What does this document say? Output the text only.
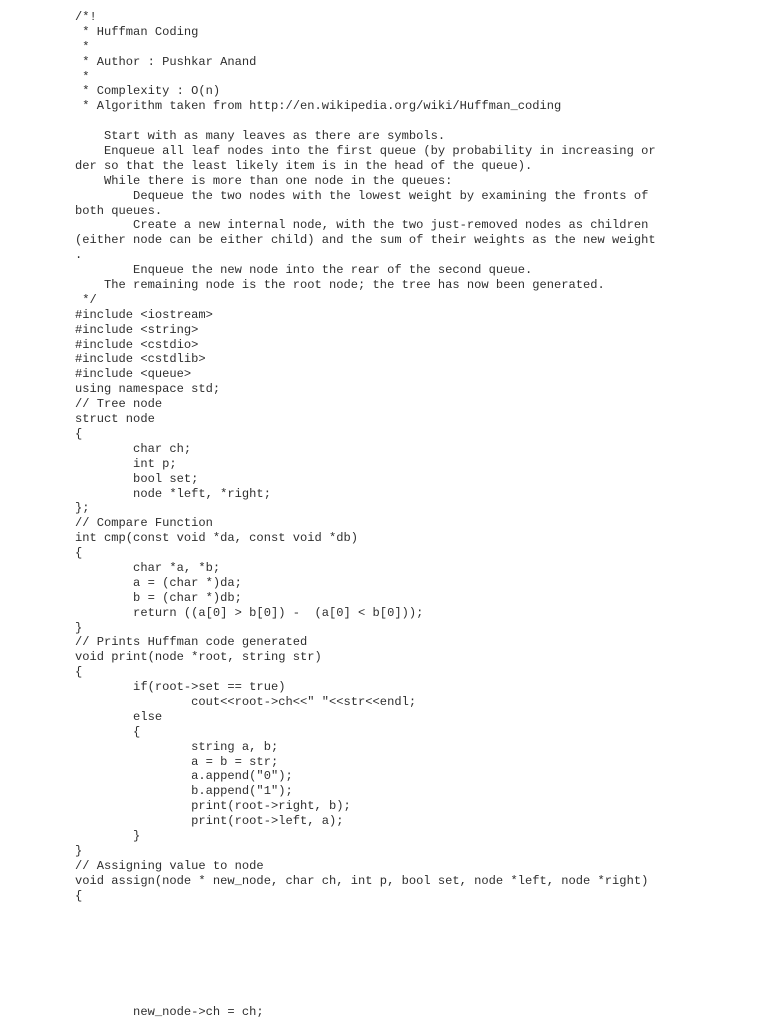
/*!
* Huffman Coding
*
* Author : Pushkar Anand
*
* Complexity : O(n)
* Algorithm taken from http://en.wikipedia.org/wiki/Huffman_coding
Start with as many leaves as there are symbols.
Enqueue all leaf nodes into the first queue (by probability in increasing or
der so that the least likely item is in the head of the queue).
While there is more than one node in the queues:
Dequeue the two nodes with the lowest weight by examining the fronts of
both queues.
Create a new internal node, with the two just-removed nodes as children
(either node can be either child) and the sum of their weights as the new weight
.
Enqueue the new node into the rear of the second queue.
The remaining node is the root node; the tree has now been generated.
*/
#include <iostream>
#include <string>
#include <cstdio>
#include <cstdlib>
#include <queue>
using namespace std;
// Tree node
struct node
{
char ch;
int p;
bool set;
node *left, *right;
};
// Compare Function
int cmp(const void *da, const void *db)
{
char *a, *b;
a = (char *)da;
b = (char *)db;
return ((a[0] > b[0]) -  (a[0] < b[0]));
}
// Prints Huffman code generated
void print(node *root, string str)
{
if(root->set == true)
cout<<root->ch<<" "<<str<<endl;
else
{
string a, b;
a = b = str;
a.append("0");
b.append("1");
print(root->right, b);
print(root->left, a);
}
}
// Assigning value to node
void assign(node * new_node, char ch, int p, bool set, node *left, node *right)
{
new_node->ch = ch;
